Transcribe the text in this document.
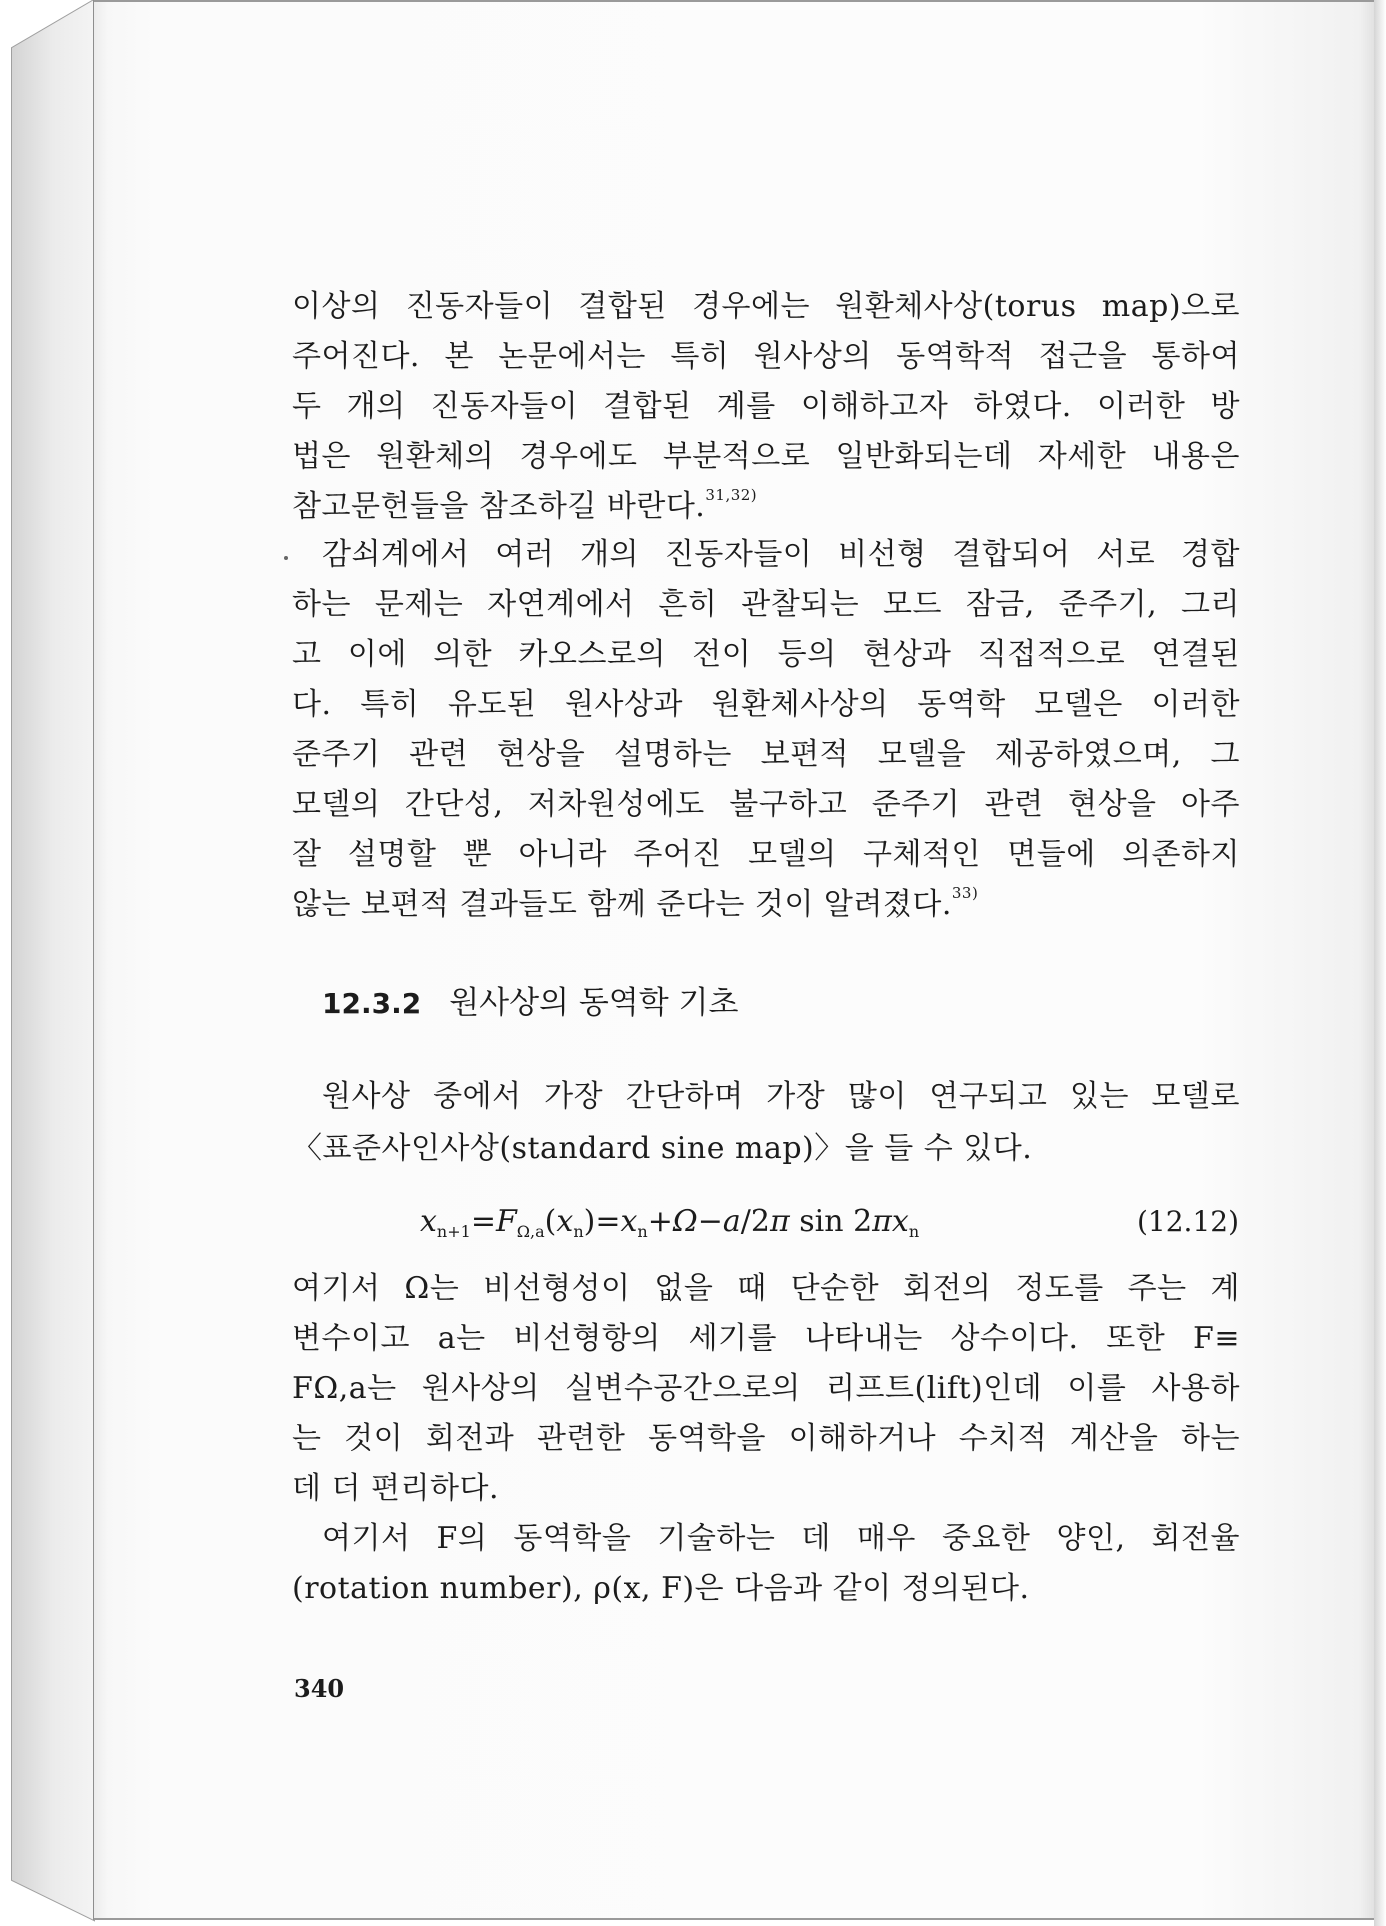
이상의 진동자들이 결합된 경우에는 원환체사상(torus map)으로
주어진다. 본 논문에서는 특히 원사상의 동역학적 접근을 통하여
두 개의 진동자들이 결합된 계를 이해하고자 하였다. 이러한 방
법은 원환체의 경우에도 부분적으로 일반화되는데 자세한 내용은
참고문헌들을 참조하길 바란다.$^{31,32)}$
감쇠계에서 여러 개의 진동자들이 비선형 결합되어 서로 경합
하는 문제는 자연계에서 흔히 관찰되는 모드 잠금, 준주기, 그리
고 이에 의한 카오스로의 전이 등의 현상과 직접적으로 연결된
다. 특히 유도된 원사상과 원환체사상의 동역학 모델은 이러한
준주기 관련 현상을 설명하는 보편적 모델을 제공하였으며, 그
모델의 간단성, 저차원성에도 불구하고 준주기 관련 현상을 아주
잘 설명할 뿐 아니라 주어진 모델의 구체적인 면들에 의존하지
않는 보편적 결과들도 함께 준다는 것이 알려졌다.$^{33)}$
12.3.2 원사상의 동역학 기초
원사상 중에서 가장 간단하며 가장 많이 연구되고 있는 모델로
〈표준사인사상(standard sine map)〉을 들 수 있다.
$x_{n+1}=F_{\Omega,a}(x_n)=x_n+\Omega-a/2\pi$ $\sin 2\pi x_n$	(12.12)
여기서 Ω는 비선형성이 없을 때 단순한 회전의 정도를 주는 계
변수이고 a는 비선형항의 세기를 나타내는 상수이다. 또한 F≡
FΩ,a는 원사상의 실변수공간으로의 리프트(lift)인데 이를 사용하
는 것이 회전과 관련한 동역학을 이해하거나 수치적 계산을 하는
데 더 편리하다.
여기서 F의 동역학을 기술하는 데 매우 중요한 양인, 회전율
(rotation number), ρ(x, F)은 다음과 같이 정의된다.
340
